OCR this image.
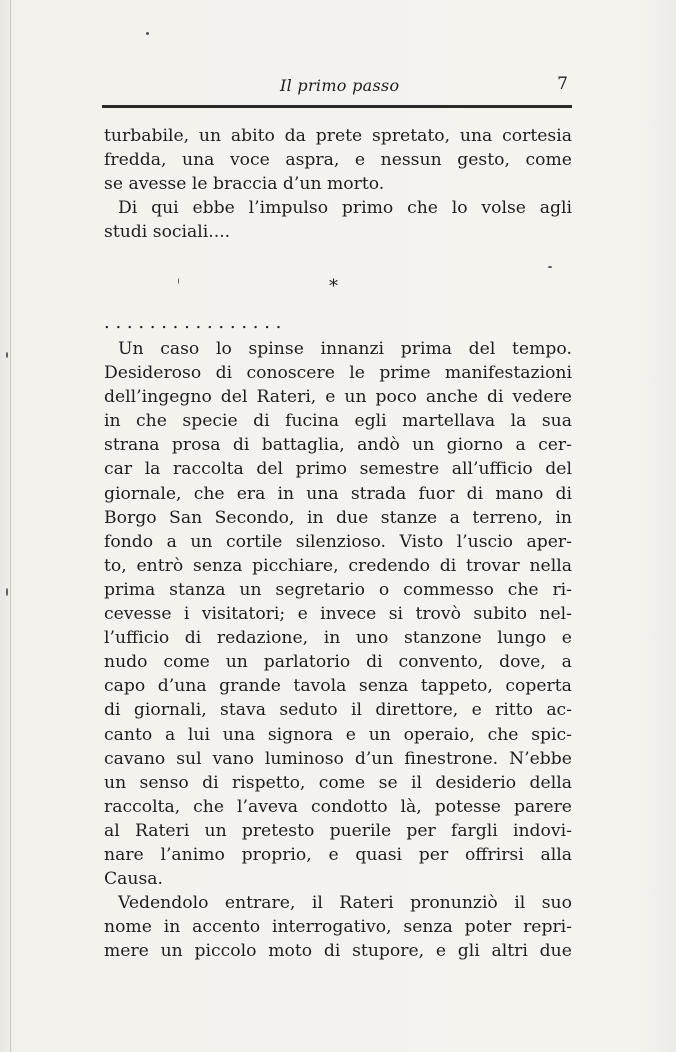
Il primo passo	7
turbabile, un abito da prete spretato, una cortesia
fredda, una voce aspra, e nessun gesto, come
se avesse le braccia d’un morto.
Di qui ebbe l’impulso primo che lo volse agli
studi sociali....
*
. . . . . . . . . . . . . . . .
Un caso lo spinse innanzi prima del tempo.
Desideroso di conoscere le prime manifestazioni
dell’ingegno del Rateri, e un poco anche di vedere
in che specie di fucina egli martellava la sua
strana prosa di battaglia, andò un giorno a cer-
car la raccolta del primo semestre all’ufficio del
giornale, che era in una strada fuor di mano di
Borgo San Secondo, in due stanze a terreno, in
fondo a un cortile silenzioso. Visto l’uscio aper-
to, entrò senza picchiare, credendo di trovar nella
prima stanza un segretario o commesso che ri-
cevesse i visitatori; e invece si trovò subito nel-
l’ufficio di redazione, in uno stanzone lungo e
nudo come un parlatorio di convento, dove, a
capo d’una grande tavola senza tappeto, coperta
di giornali, stava seduto il direttore, e ritto ac-
canto a lui una signora e un operaio, che spic-
cavano sul vano luminoso d’un finestrone. N’ebbe
un senso di rispetto, come se il desiderio della
raccolta, che l’aveva condotto là, potesse parere
al Rateri un pretesto puerile per fargli indovi-
nare l’animo proprio, e quasi per offrirsi alla
Causa.
Vedendolo entrare, il Rateri pronunziò il suo
nome in accento interrogativo, senza poter repri-
mere un piccolo moto di stupore, e gli altri due
